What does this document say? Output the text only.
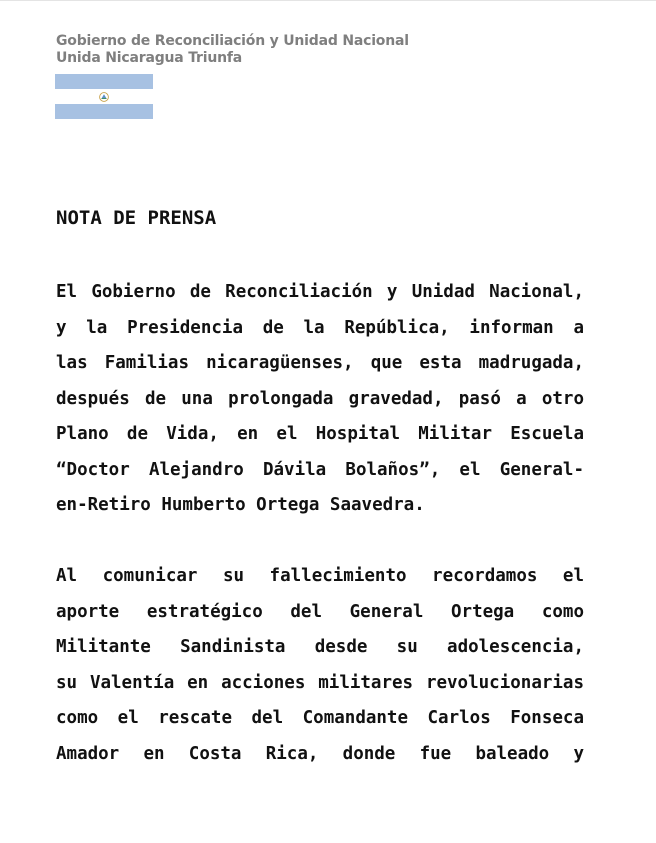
Gobierno de Reconciliación y Unidad Nacional
Unida Nicaragua Triunfa
NOTA DE PRENSA
El Gobierno de Reconciliación y Unidad Nacional,
y la Presidencia de la República, informan a
las Familias nicaragüenses, que esta madrugada,
después de una prolongada gravedad, pasó a otro
Plano de Vida, en el Hospital Militar Escuela
“Doctor Alejandro Dávila Bolaños”, el General-
en-Retiro Humberto Ortega Saavedra.
Al comunicar su fallecimiento recordamos el
aporte estratégico del General Ortega como
Militante Sandinista desde su adolescencia,
su Valentía en acciones militares revolucionarias
como el rescate del Comandante Carlos Fonseca
Amador en Costa Rica, donde fue baleado y
